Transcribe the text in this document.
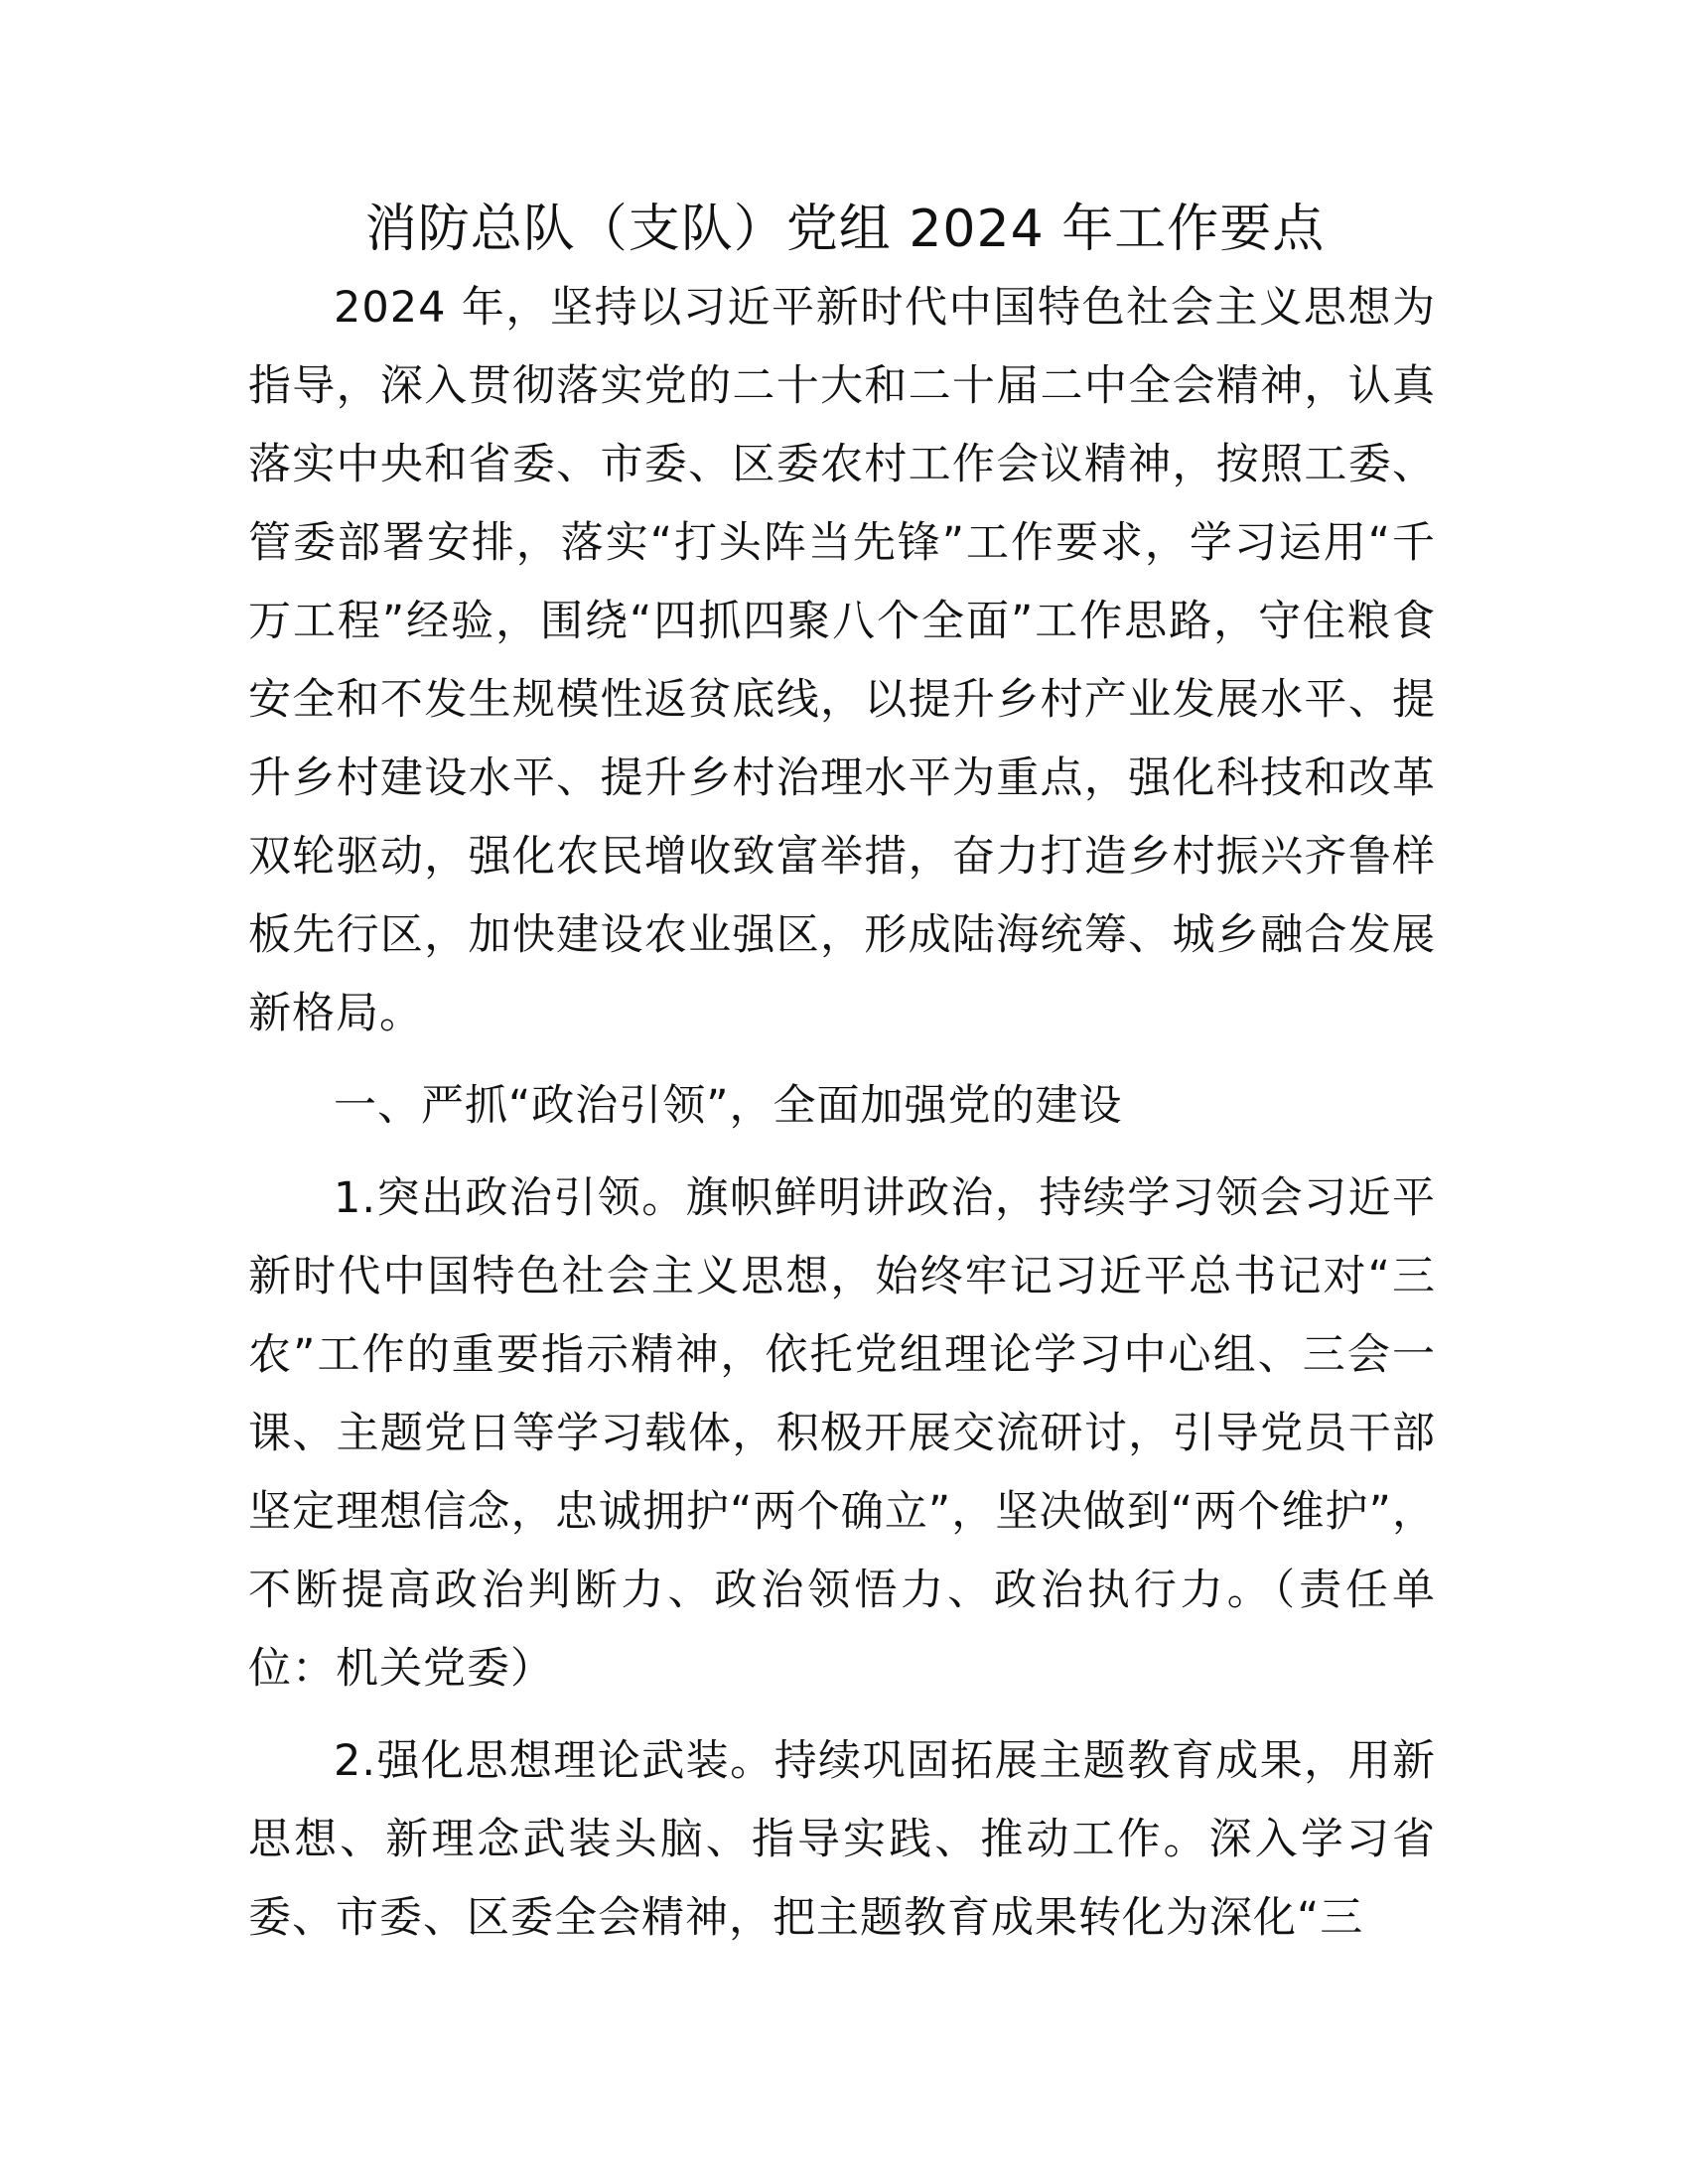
消防总队（支队）党组 2024 年工作要点

2024 年，坚持以习近平新时代中国特色社会主义思想为指导，深入贯彻落实党的二十大和二十届二中全会精神，认真落实中央和省委、市委、区委农村工作会议精神，按照工委、管委部署安排，落实“打头阵当先锋”工作要求，学习运用“千万工程”经验，围绕“四抓四聚八个全面”工作思路，守住粮食安全和不发生规模性返贫底线，以提升乡村产业发展水平、提升乡村建设水平、提升乡村治理水平为重点，强化科技和改革双轮驱动，强化农民增收致富举措，奋力打造乡村振兴齐鲁样板先行区，加快建设农业强区，形成陆海统筹、城乡融合发展新格局。

一、严抓“政治引领”，全面加强党的建设

1.突出政治引领。旗帜鲜明讲政治，持续学习领会习近平新时代中国特色社会主义思想，始终牢记习近平总书记对“三农”工作的重要指示精神，依托党组理论学习中心组、三会一课、主题党日等学习载体，积极开展交流研讨，引导党员干部坚定理想信念，忠诚拥护“两个确立”，坚决做到“两个维护”，不断提高政治判断力、政治领悟力、政治执行力。（责任单位：机关党委）

2.强化思想理论武装。持续巩固拓展主题教育成果，用新思想、新理念武装头脑、指导实践、推动工作。深入学习省委、市委、区委全会精神，把主题教育成果转化为深化“三
